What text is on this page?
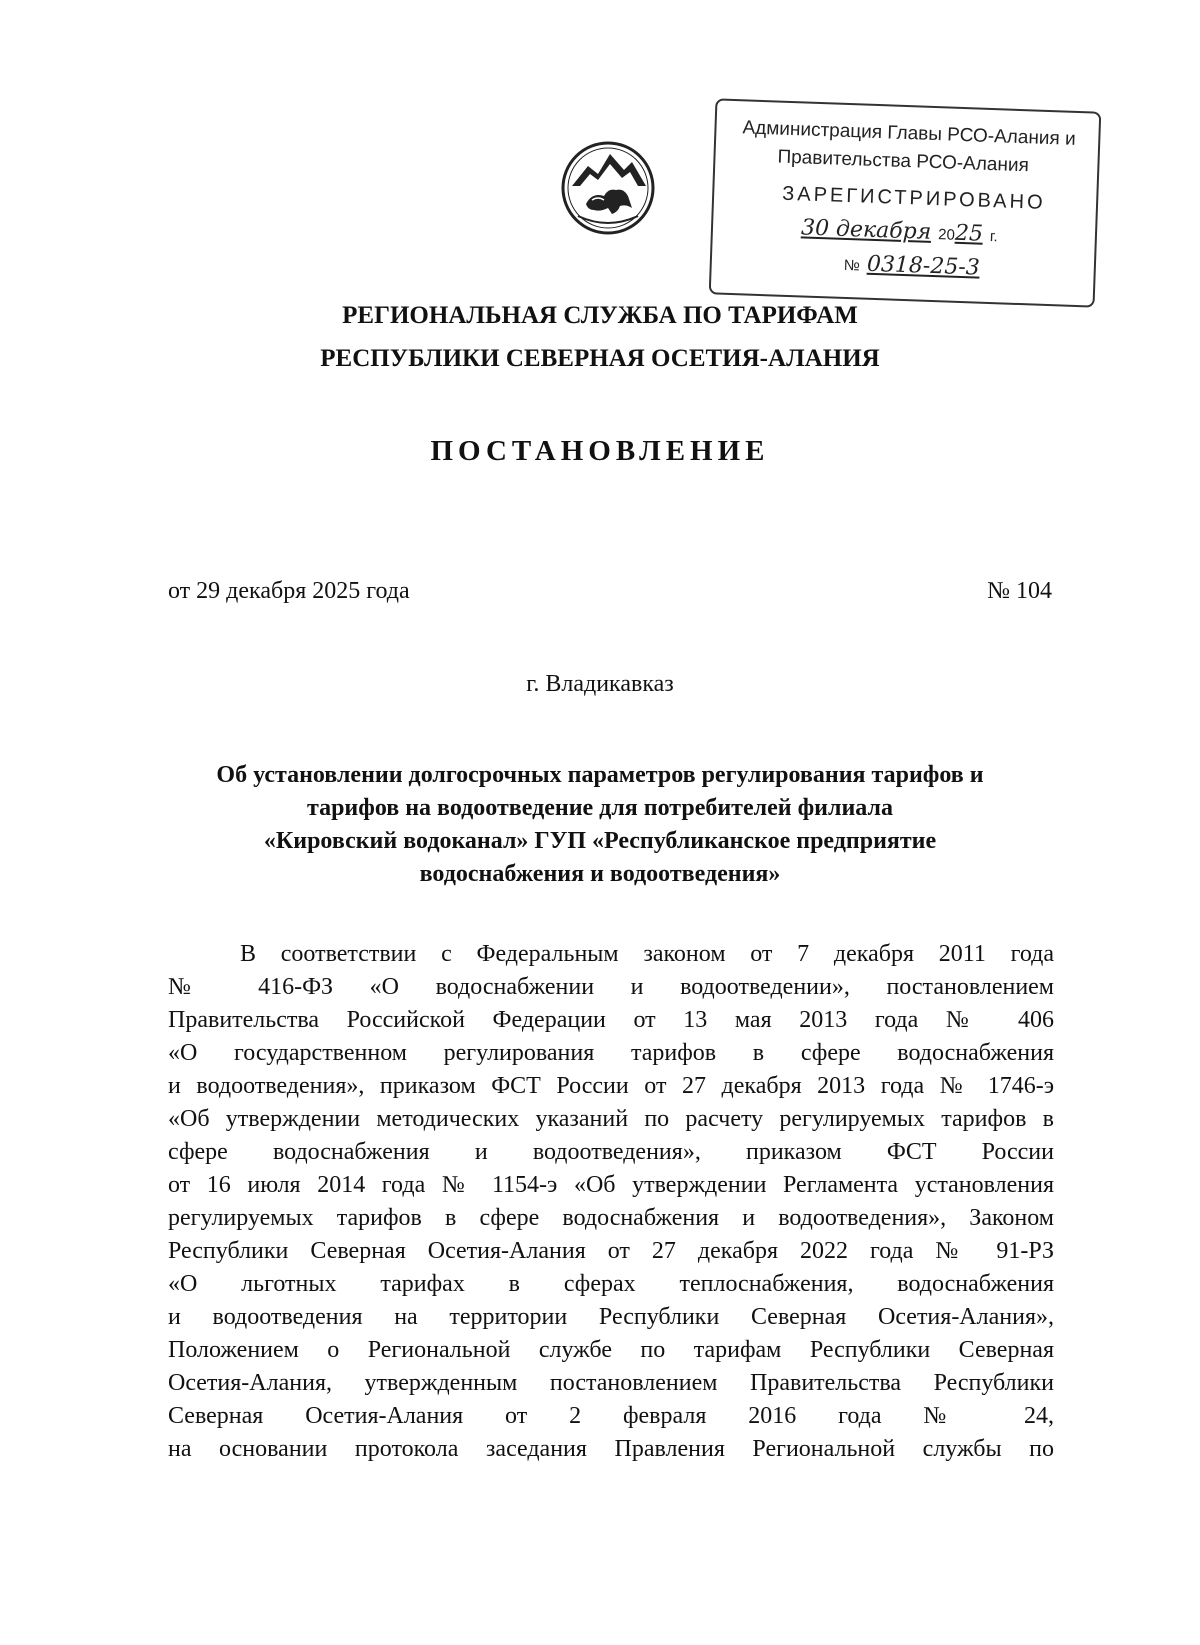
Администрация Главы РСО-Алания и
Правительства РСО-Алания
ЗАРЕГИСТРИРОВАНО
30 декабря 2025 г.
№ 0318-25-3
РЕГИОНАЛЬНАЯ СЛУЖБА ПО ТАРИФАМ
РЕСПУБЛИКИ СЕВЕРНАЯ ОСЕТИЯ-АЛАНИЯ
ПОСТАНОВЛЕНИЕ
от 29 декабря 2025 года	№ 104
г. Владикавказ
Об установлении долгосрочных параметров регулирования тарифов и
тарифов на водоотведение для потребителей филиала
«Кировский водоканал» ГУП «Республиканское предприятие
водоснабжения и водоотведения»
В соответствии с Федеральным законом от 7 декабря 2011 года
№ 416-ФЗ «О водоснабжении и водоотведении», постановлением
Правительства Российской Федерации от 13 мая 2013 года № 406
«О государственном регулирования тарифов в сфере водоснабжения
и водоотведения», приказом ФСТ России от 27 декабря 2013 года № 1746-э
«Об утверждении методических указаний по расчету регулируемых тарифов в
сфере водоснабжения и водоотведения», приказом ФСТ России
от 16 июля 2014 года № 1154-э «Об утверждении Регламента установления
регулируемых тарифов в сфере водоснабжения и водоотведения», Законом
Республики Северная Осетия-Алания от 27 декабря 2022 года № 91-РЗ
«О льготных тарифах в сферах теплоснабжения, водоснабжения
и водоотведения на территории Республики Северная Осетия-Алания»,
Положением о Региональной службе по тарифам Республики Северная
Осетия-Алания, утвержденным постановлением Правительства Республики
Северная Осетия-Алания от 2 февраля 2016 года № 24,
на основании протокола заседания Правления Региональной службы по
